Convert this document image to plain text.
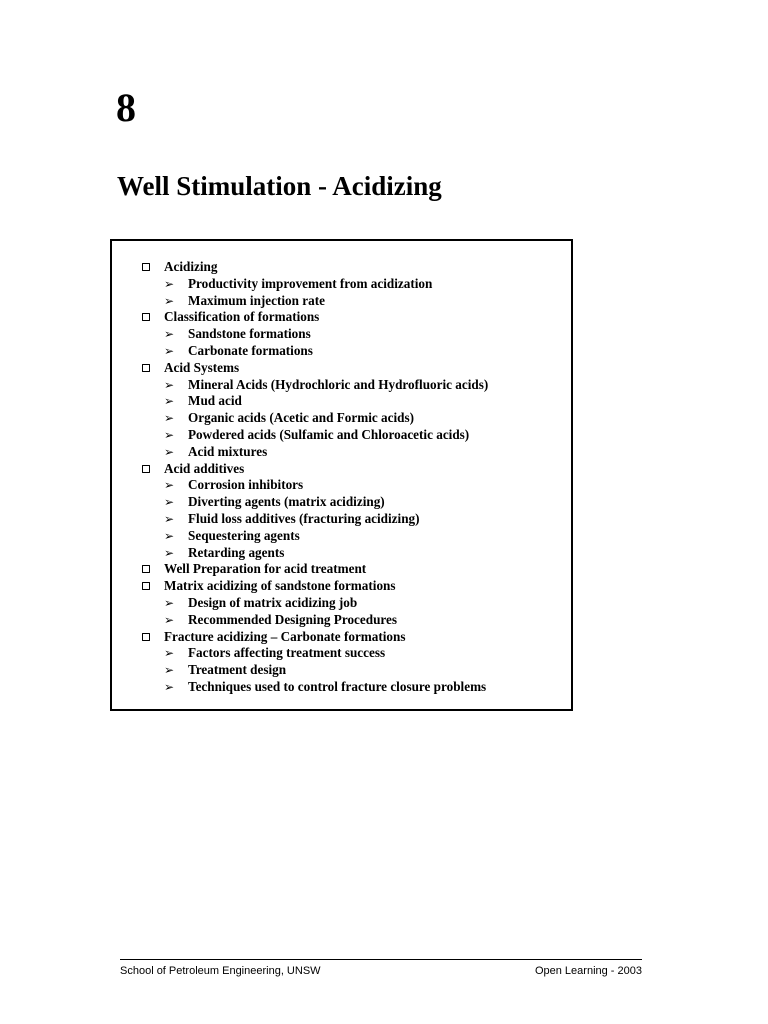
8
Well Stimulation - Acidizing
Acidizing
➢ Productivity improvement from acidization
➢ Maximum injection rate
Classification of formations
➢ Sandstone formations
➢ Carbonate formations
Acid Systems
➢ Mineral Acids (Hydrochloric and Hydrofluoric acids)
➢ Mud acid
➢ Organic acids (Acetic and Formic acids)
➢ Powdered acids (Sulfamic and Chloroacetic acids)
➢ Acid mixtures
Acid additives
➢ Corrosion inhibitors
➢ Diverting agents (matrix acidizing)
➢ Fluid loss additives (fracturing acidizing)
➢ Sequestering agents
➢ Retarding agents
Well Preparation for acid treatment
Matrix acidizing of sandstone formations
➢ Design of matrix acidizing job
➢ Recommended Designing Procedures
Fracture acidizing – Carbonate formations
➢ Factors affecting treatment success
➢ Treatment design
➢ Techniques used to control fracture closure problems
School of Petroleum Engineering, UNSW	Open Learning - 2003
